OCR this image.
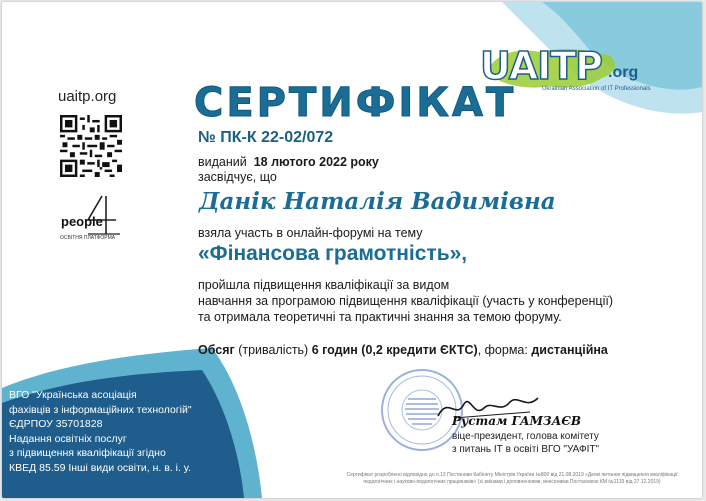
uaitp.org
people
ОСВІТНЯ ПЛАТФОРМА
UAITP .org
Ukrainian Association of IT Professionals
СЕРТИФІКАТ
№ ПК-К 22-02/072
виданий 18 лютого 2022 року
засвідчує, що
Данік Наталія Вадимівна
взяла участь в онлайн-форумі на тему
«Фінансова грамотність»,
пройшла підвищення кваліфікації за видом
навчання за програмою підвищення кваліфікації (участь у конференції)
та отримала теоретичні та практичні знання за темою форуму.
Обсяг (тривалість) 6 годин (0,2 кредити ЄКТС), форма: дистанційна
ВГО "Українська асоціація
фахівців з інформаційних технологій"
ЄДРПОУ 35701828
Надання освітніх послуг
з підвищення кваліфікації згідно
КВЕД 85.59 Інші види освіти, н. в. і. у.
Рустам ГАМЗАЄВ
віце-президент, голова комітету
з питань ІТ в освіті ВГО "УАФІТ"
Сертифікат розроблено відповідно до п.13 Постанови Кабінету Міністрів України №800 від 21.08.2019 «Деякі питання підвищення кваліфікації
педагогічних і науково-педагогічних працівників» (зі змінами і доповненнями, внесеними Постановою КМ №1133 від 27.12.2019)
